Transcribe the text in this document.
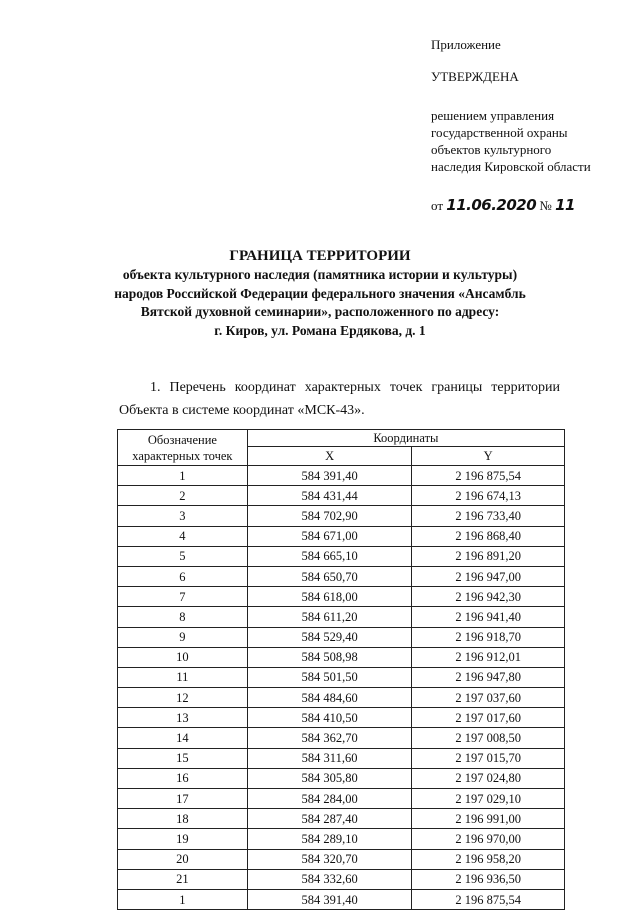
Приложение
УТВЕРЖДЕНА
решением управления
государственной охраны
объектов культурного
наследия Кировской области
от 11.06.2020 № 11
ГРАНИЦА ТЕРРИТОРИИ
объекта культурного наследия (памятника истории и культуры)
народов Российской Федерации федерального значения «Ансамбль
Вятской духовной семинарии», расположенного по адресу:
г. Киров, ул. Романа Ердякова, д. 1
1. Перечень координат характерных точек границы территории
Объекта в системе координат «МСК-43».
Обозначение
характерных точек	Координаты	
	X	Y
1	584 391,40	2 196 875,54
2	584 431,44	2 196 674,13
3	584 702,90	2 196 733,40
4	584 671,00	2 196 868,40
5	584 665,10	2 196 891,20
6	584 650,70	2 196 947,00
7	584 618,00	2 196 942,30
8	584 611,20	2 196 941,40
9	584 529,40	2 196 918,70
10	584 508,98	2 196 912,01
11	584 501,50	2 196 947,80
12	584 484,60	2 197 037,60
13	584 410,50	2 197 017,60
14	584 362,70	2 197 008,50
15	584 311,60	2 197 015,70
16	584 305,80	2 197 024,80
17	584 284,00	2 197 029,10
18	584 287,40	2 196 991,00
19	584 289,10	2 196 970,00
20	584 320,70	2 196 958,20
21	584 332,60	2 196 936,50
1	584 391,40	2 196 875,54
